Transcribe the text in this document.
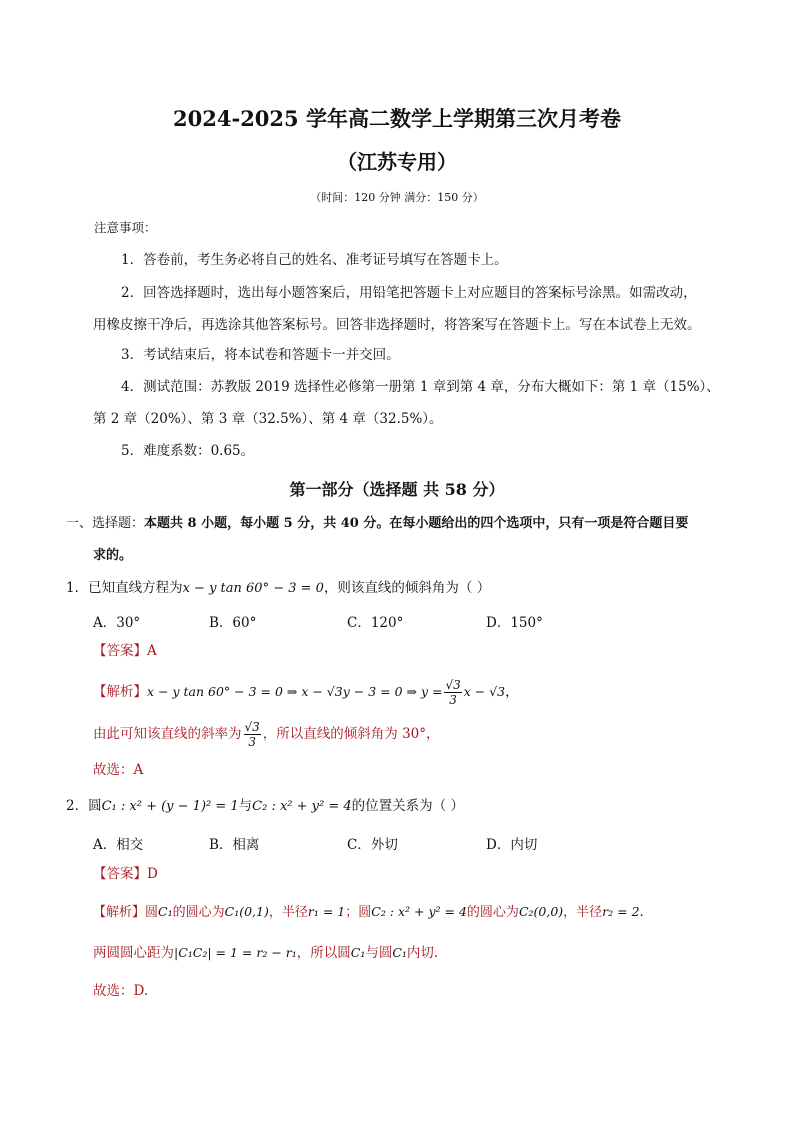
2024-2025 学年高二数学上学期第三次月考卷
（江苏专用）
（时间：120 分钟 满分：150 分）
注意事项：
1．答卷前，考生务必将自己的姓名、准考证号填写在答题卡上。
2．回答选择题时，选出每小题答案后，用铅笔把答题卡上对应题目的答案标号涂黑。如需改动，
用橡皮擦干净后，再选涂其他答案标号。回答非选择题时，将答案写在答题卡上。写在本试卷上无效。
3．考试结束后，将本试卷和答题卡一并交回。
4．测试范围：苏教版 2019 选择性必修第一册第 1 章到第 4 章，分布大概如下：第 1 章（15%）、
第 2 章（20%）、第 3 章（32.5%）、第 4 章（32.5%）。
5．难度系数：0.65。
第一部分（选择题 共 58 分）
一、选择题：本题共 8 小题，每小题 5 分，共 40 分。在每小题给出的四个选项中，只有一项是符合题目要
求的。
1．已知直线方程为x − y tan 60° − 3 = 0，则该直线的倾斜角为（ ）
A．30°	B．60°	C．120°	D．150°
【答案】A
【解析】x − y tan 60° − 3 = 0 ⇒ x − √3y − 3 = 0 ⇒ $y = \frac{√3}{3}$ x − √3，
由此可知该直线的斜率为 $\frac{√3}{3}$ ，所以直线的倾斜角为 30°，
故选：A
2．圆C₁ : x² + (y − 1)² = 1与C₂ : x² + y² = 4的位置关系为（ ）
A．相交	B．相离	C．外切	D．内切
【答案】D
【解析】圆C₁的圆心为C₁(0,1)，半径r₁ = 1；圆C₂ : x² + y² = 4的圆心为C₂(0,0)，半径r₂ = 2.
两圆圆心距为|C₁C₂| = 1 = r₂ − r₁，所以圆C₁与圆C₁内切.
故选：D.
